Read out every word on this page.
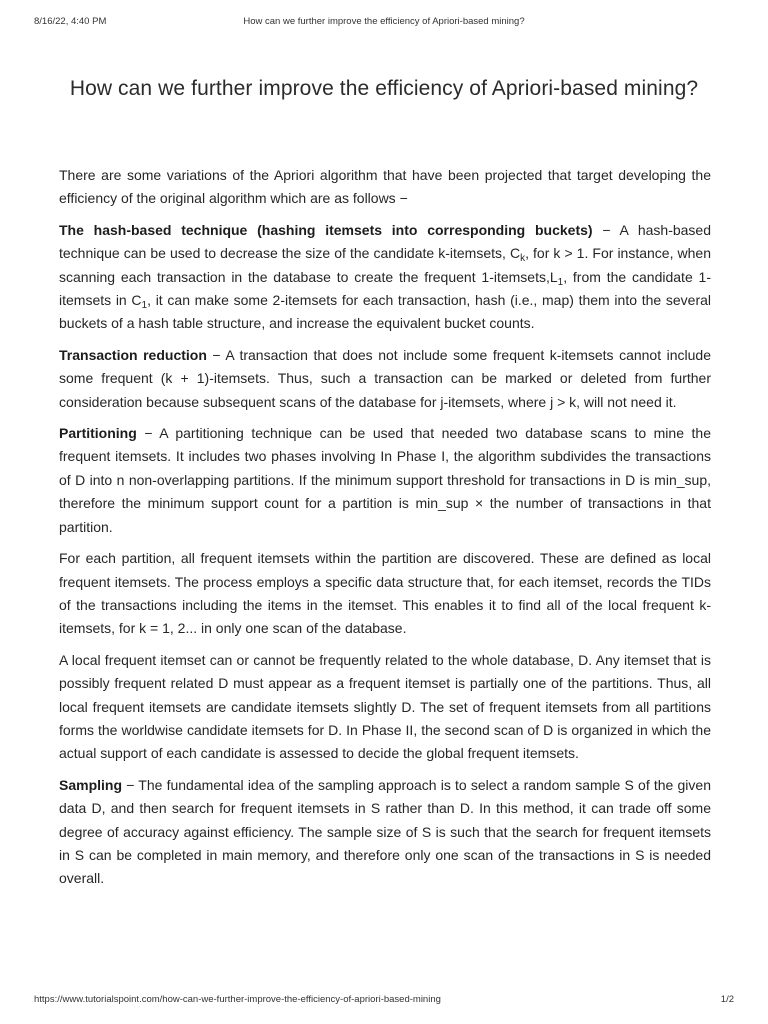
8/16/22, 4:40 PM	How can we further improve the efficiency of Apriori-based mining?
How can we further improve the efficiency of Apriori-based mining?

There are some variations of the Apriori algorithm that have been projected that target developing the efficiency of the original algorithm which are as follows −

The hash-based technique (hashing itemsets into corresponding buckets) − A hash-based technique can be used to decrease the size of the candidate k-itemsets, $C_k$, for k > 1. For instance, when scanning each transaction in the database to create the frequent $1-itemsets,L_1$, from the candidate 1-itemsets in $C_1$, it can make some 2-itemsets for each transaction, hash (i.e., map) them into the several buckets of a hash table structure, and increase the equivalent bucket counts.

Transaction reduction − A transaction that does not include some frequent k-itemsets cannot include some frequent (k + 1)-itemsets. Thus, such a transaction can be marked or deleted from further consideration because subsequent scans of the database for j-itemsets, where j > k, will not need it.

Partitioning − A partitioning technique can be used that needed two database scans to mine the frequent itemsets. It includes two phases involving In Phase I, the algorithm subdivides the transactions of D into n non-overlapping partitions. If the minimum support threshold for transactions in D is min_sup, therefore the minimum support count for a partition is min_sup × the number of transactions in that partition.

For each partition, all frequent itemsets within the partition are discovered. These are defined as local frequent itemsets. The process employs a specific data structure that, for each itemset, records the TIDs of the transactions including the items in the itemset. This enables it to find all of the local frequent k-itemsets, for k = 1, 2... in only one scan of the database.

A local frequent itemset can or cannot be frequently related to the whole database, D. Any itemset that is possibly frequent related D must appear as a frequent itemset is partially one of the partitions. Thus, all local frequent itemsets are candidate itemsets slightly D. The set of frequent itemsets from all partitions forms the worldwise candidate itemsets for D. In Phase II, the second scan of D is organized in which the actual support of each candidate is assessed to decide the global frequent itemsets.

Sampling − The fundamental idea of the sampling approach is to select a random sample S of the given data D, and then search for frequent itemsets in S rather than D. In this method, it can trade off some degree of accuracy against efficiency. The sample size of S is such that the search for frequent itemsets in S can be completed in main memory, and therefore only one scan of the transactions in S is needed overall.

https://www.tutorialspoint.com/how-can-we-further-improve-the-efficiency-of-apriori-based-mining	1/2
